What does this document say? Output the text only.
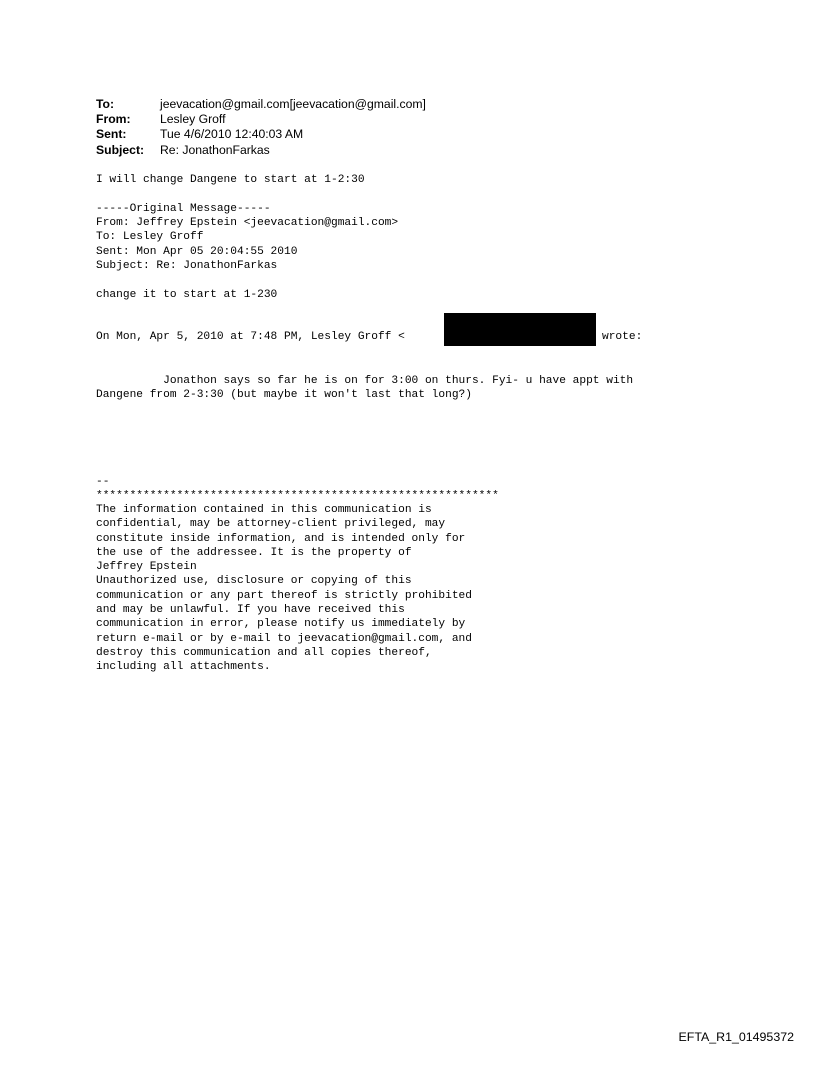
To:	jeevacation@gmail.com[jeevacation@gmail.com]
From:	Lesley Groff
Sent:	Tue 4/6/2010 12:40:03 AM
Subject:	Re: JonathonFarkas
I will change Dangene to start at 1-2:30
-----Original Message-----
From: Jeffrey Epstein <jeevacation@gmail.com>
To: Lesley Groff
Sent: Mon Apr 05 20:04:55 2010
Subject: Re: JonathonFarkas
change it to start at 1-230
On Mon, Apr 5, 2010 at 7:48 PM, Lesley Groff <	wrote:
Jonathon says so far he is on for 3:00 on thurs. Fyi- u have appt with
Dangene from 2-3:30 (but maybe it won't last that long?)
--
************************************************************
The information contained in this communication is
confidential, may be attorney-client privileged, may
constitute inside information, and is intended only for
the use of the addressee. It is the property of
Jeffrey Epstein
Unauthorized use, disclosure or copying of this
communication or any part thereof is strictly prohibited
and may be unlawful. If you have received this
communication in error, please notify us immediately by
return e-mail or by e-mail to jeevacation@gmail.com, and
destroy this communication and all copies thereof,
including all attachments.
EFTA_R1_01495372
